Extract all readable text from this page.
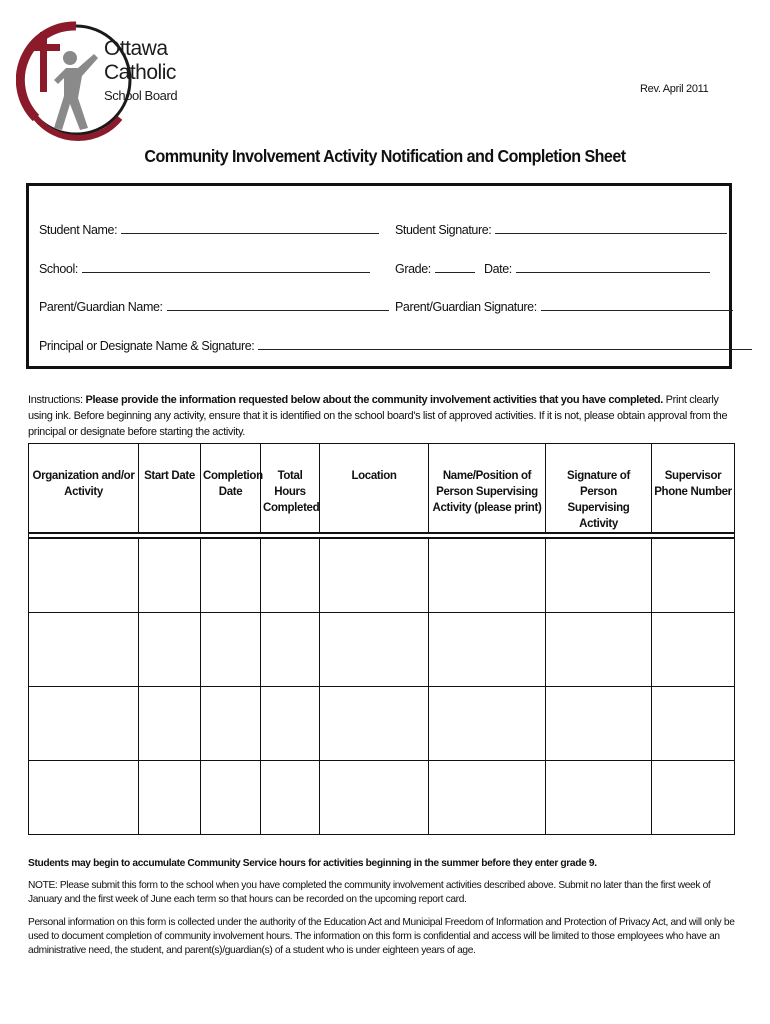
Ottawa
Catholic
School Board	Rev. April 2011
Community Involvement Activity Notification and Completion Sheet
Student Name:	Student Signature:
School:	Grade:	Date:
Parent/Guardian Name:	Parent/Guardian Signature:
Principal or Designate Name & Signature:
Instructions: Please provide the information requested below about the community involvement activities that you have completed. Print clearly using ink. Before beginning any activity, ensure that it is identified on the school board's list of approved activities. If it is not, please obtain approval from the principal or designate before starting the activity.
Organization and/or Activity	Start Date	Completion Date	Total Hours Completed	Location	Name/Position of Person Supervising Activity (please print)	Signature of Person Supervising Activity	Supervisor Phone Number

Students may begin to accumulate Community Service hours for activities beginning in the summer before they enter grade 9.
NOTE: Please submit this form to the school when you have completed the community involvement activities described above. Submit no later than the first week of January and the first week of June each term so that hours can be recorded on the upcoming report card.
Personal information on this form is collected under the authority of the Education Act and Municipal Freedom of Information and Protection of Privacy Act, and will only be used to document completion of community involvement hours. The information on this form is confidential and access will be limited to those employees who have an administrative need, the student, and parent(s)/guardian(s) of a student who is under eighteen years of age.
